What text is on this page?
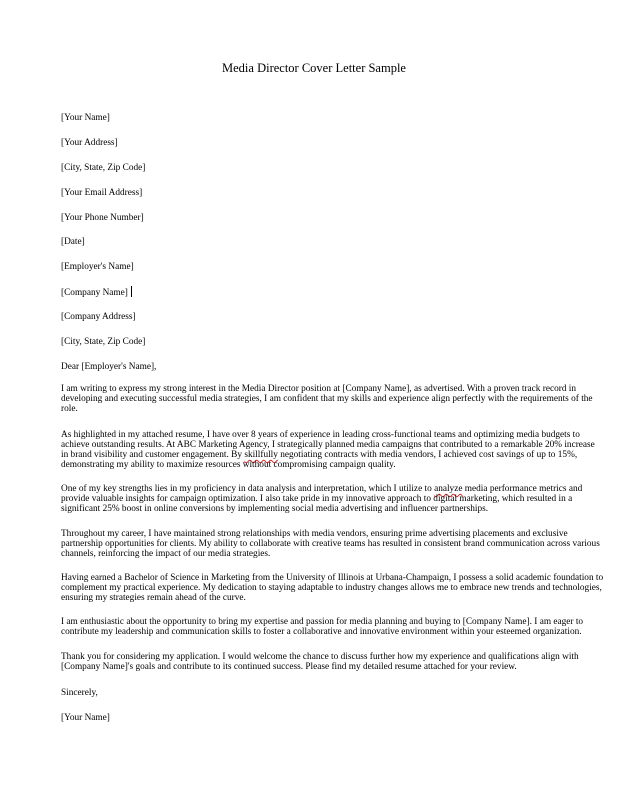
Media Director Cover Letter Sample
[Your Name]
[Your Address]
[City, State, Zip Code]
[Your Email Address]
[Your Phone Number]
[Date]
[Employer's Name]
[Company Name]
[Company Address]
[City, State, Zip Code]
Dear [Employer's Name],
I am writing to express my strong interest in the Media Director position at [Company Name], as advertised. With a proven track record in
developing and executing successful media strategies, I am confident that my skills and experience align perfectly with the requirements of the
role.
As highlighted in my attached resume, I have over 8 years of experience in leading cross-functional teams and optimizing media budgets to
achieve outstanding results. At ABC Marketing Agency, I strategically planned media campaigns that contributed to a remarkable 20% increase
in brand visibility and customer engagement. By skillfully negotiating contracts with media vendors, I achieved cost savings of up to 15%,
demonstrating my ability to maximize resources without compromising campaign quality.
One of my key strengths lies in my proficiency in data analysis and interpretation, which I utilize to analyze media performance metrics and
provide valuable insights for campaign optimization. I also take pride in my innovative approach to digital marketing, which resulted in a
significant 25% boost in online conversions by implementing social media advertising and influencer partnerships.
Throughout my career, I have maintained strong relationships with media vendors, ensuring prime advertising placements and exclusive
partnership opportunities for clients. My ability to collaborate with creative teams has resulted in consistent brand communication across various
channels, reinforcing the impact of our media strategies.
Having earned a Bachelor of Science in Marketing from the University of Illinois at Urbana-Champaign, I possess a solid academic foundation to
complement my practical experience. My dedication to staying adaptable to industry changes allows me to embrace new trends and technologies,
ensuring my strategies remain ahead of the curve.
I am enthusiastic about the opportunity to bring my expertise and passion for media planning and buying to [Company Name]. I am eager to
contribute my leadership and communication skills to foster a collaborative and innovative environment within your esteemed organization.
Thank you for considering my application. I would welcome the chance to discuss further how my experience and qualifications align with
[Company Name]'s goals and contribute to its continued success. Please find my detailed resume attached for your review.
Sincerely,
[Your Name]
